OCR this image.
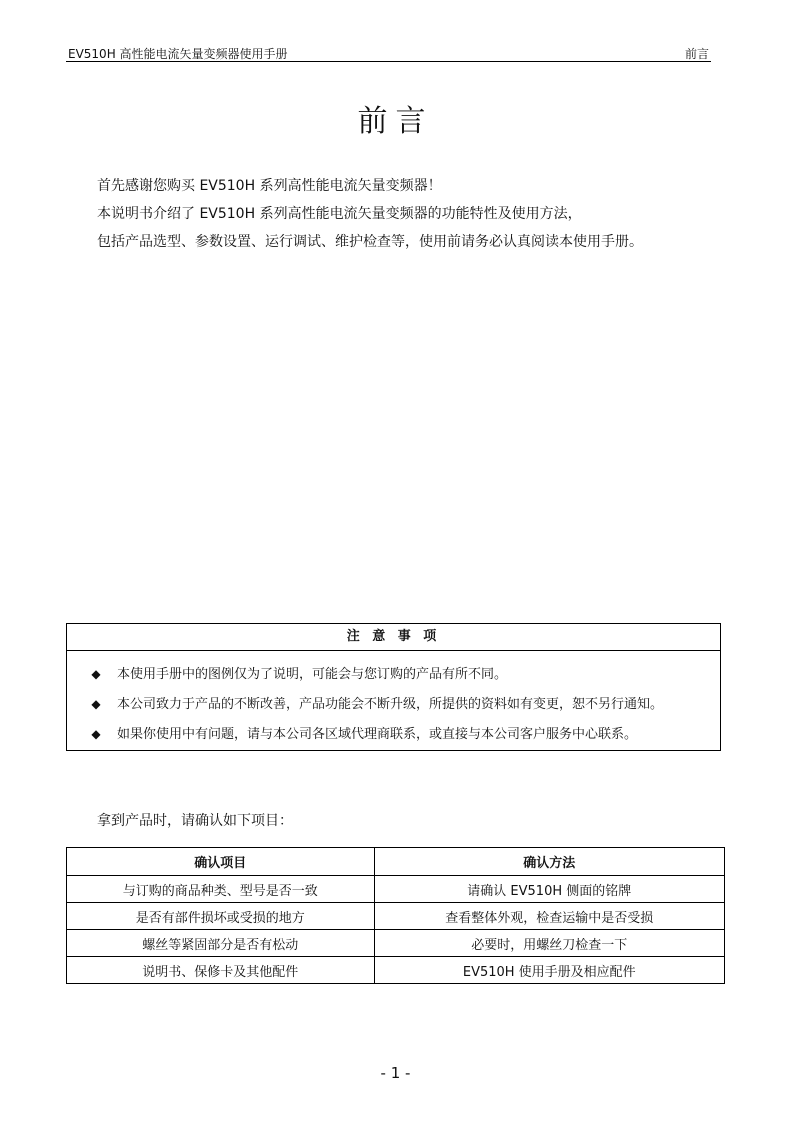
EV510H 高性能电流矢量变频器使用手册	前言
前言

首先感谢您购买 EV510H 系列高性能电流矢量变频器！

本说明书介绍了 EV510H 系列高性能电流矢量变频器的功能特性及使用方法，

包括产品选型、参数设置、运行调试、维护检查等，使用前请务必认真阅读本使用手册。

注 意 事 项
◆ 本使用手册中的图例仅为了说明，可能会与您订购的产品有所不同。
◆ 本公司致力于产品的不断改善，产品功能会不断升级，所提供的资料如有变更，恕不另行通知。
◆ 如果你使用中有问题，请与本公司各区域代理商联系，或直接与本公司客户服务中心联系。
拿到产品时，请确认如下项目：
确认项目	确认方法
与订购的商品种类、型号是否一致	请确认 EV510H 侧面的铭牌
是否有部件损坏或受损的地方	查看整体外观，检查运输中是否受损
螺丝等紧固部分是否有松动	必要时，用螺丝刀检查一下
说明书、保修卡及其他配件	EV510H 使用手册及相应配件
- 1 -
